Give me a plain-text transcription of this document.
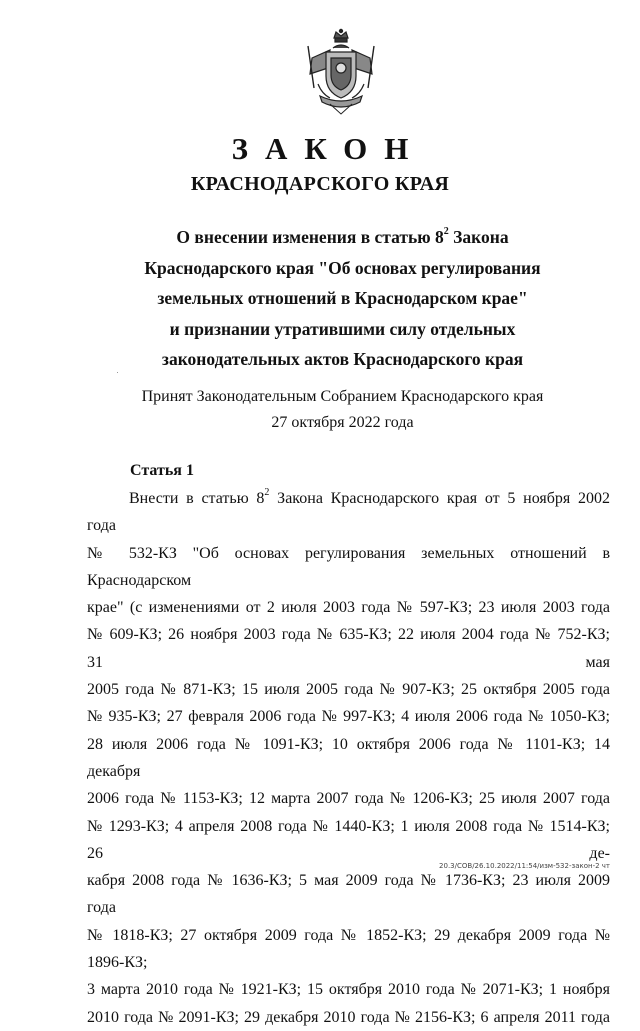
ЗАКОН
КРАСНОДАРСКОГО КРАЯ
О внесении изменения в статью $8^2$ Закона
Краснодарского края "Об основах регулирования
земельных отношений в Краснодарском крае"
и признании утратившими силу отдельных
законодательных актов Краснодарского края
Принят Законодательным Собранием Краснодарского края
27 октября 2022 года
Статья 1
Внести в статью $8^2$ Закона Краснодарского края от 5 ноября 2002 года
№ 532-КЗ "Об основах регулирования земельных отношений в Краснодарском
крае" (с изменениями от 2 июля 2003 года № 597-КЗ; 23 июля 2003 года
№ 609-КЗ; 26 ноября 2003 года № 635-КЗ; 22 июля 2004 года № 752-КЗ; 31 мая
2005 года № 871-КЗ; 15 июля 2005 года № 907-КЗ; 25 октября 2005 года
№ 935-КЗ; 27 февраля 2006 года № 997-КЗ; 4 июля 2006 года № 1050-КЗ;
28 июля 2006 года № 1091-КЗ; 10 октября 2006 года № 1101-КЗ; 14 декабря
2006 года № 1153-КЗ; 12 марта 2007 года № 1206-КЗ; 25 июля 2007 года
№ 1293-КЗ; 4 апреля 2008 года № 1440-КЗ; 1 июля 2008 года № 1514-КЗ; 26 де-
кабря 2008 года № 1636-КЗ; 5 мая 2009 года № 1736-КЗ; 23 июля 2009 года
№ 1818-КЗ; 27 октября 2009 года № 1852-КЗ; 29 декабря 2009 года № 1896-КЗ;
3 марта 2010 года № 1921-КЗ; 15 октября 2010 года № 2071-КЗ; 1 ноября
2010 года № 2091-КЗ; 29 декабря 2010 года № 2156-КЗ; 6 апреля 2011 года
20.3/СОВ/26.10.2022/11:54/изм-532-закон-2 чт
